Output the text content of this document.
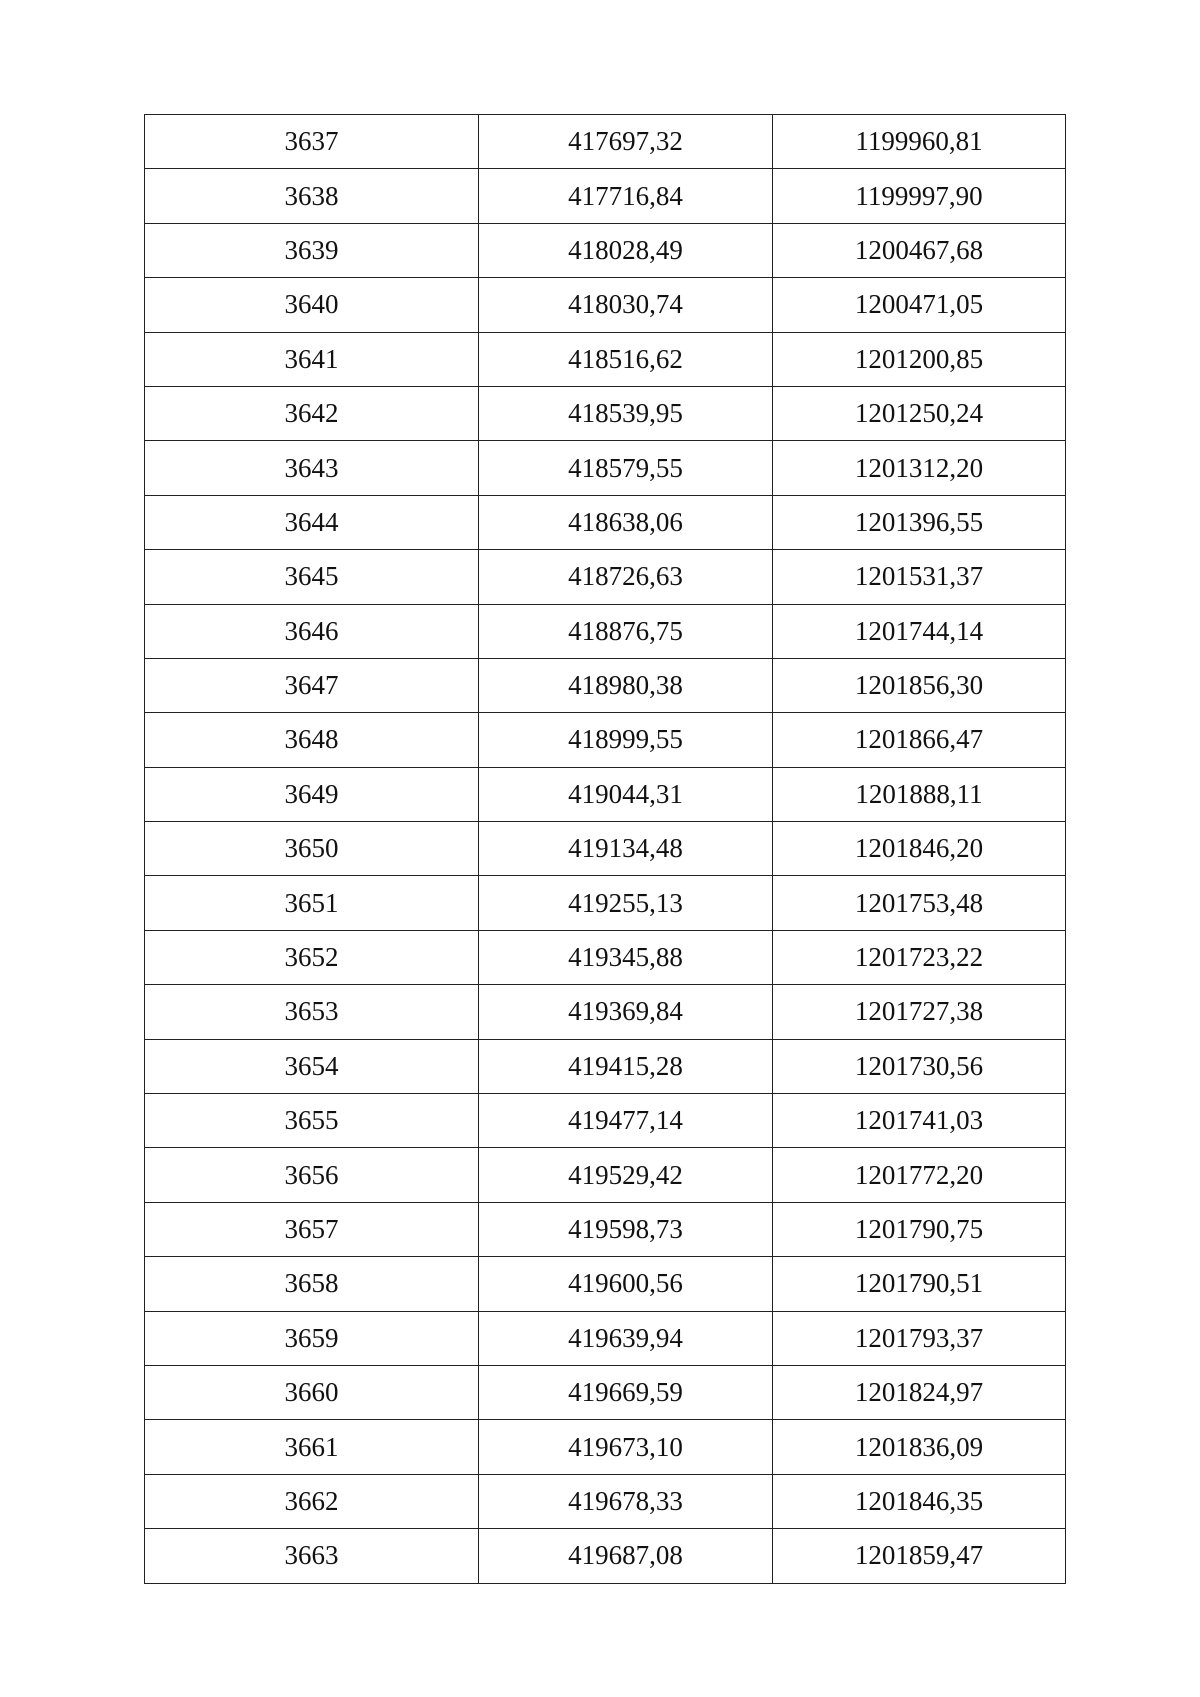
3637	417697,32	1199960,81
3638	417716,84	1199997,90
3639	418028,49	1200467,68
3640	418030,74	1200471,05
3641	418516,62	1201200,85
3642	418539,95	1201250,24
3643	418579,55	1201312,20
3644	418638,06	1201396,55
3645	418726,63	1201531,37
3646	418876,75	1201744,14
3647	418980,38	1201856,30
3648	418999,55	1201866,47
3649	419044,31	1201888,11
3650	419134,48	1201846,20
3651	419255,13	1201753,48
3652	419345,88	1201723,22
3653	419369,84	1201727,38
3654	419415,28	1201730,56
3655	419477,14	1201741,03
3656	419529,42	1201772,20
3657	419598,73	1201790,75
3658	419600,56	1201790,51
3659	419639,94	1201793,37
3660	419669,59	1201824,97
3661	419673,10	1201836,09
3662	419678,33	1201846,35
3663	419687,08	1201859,47
